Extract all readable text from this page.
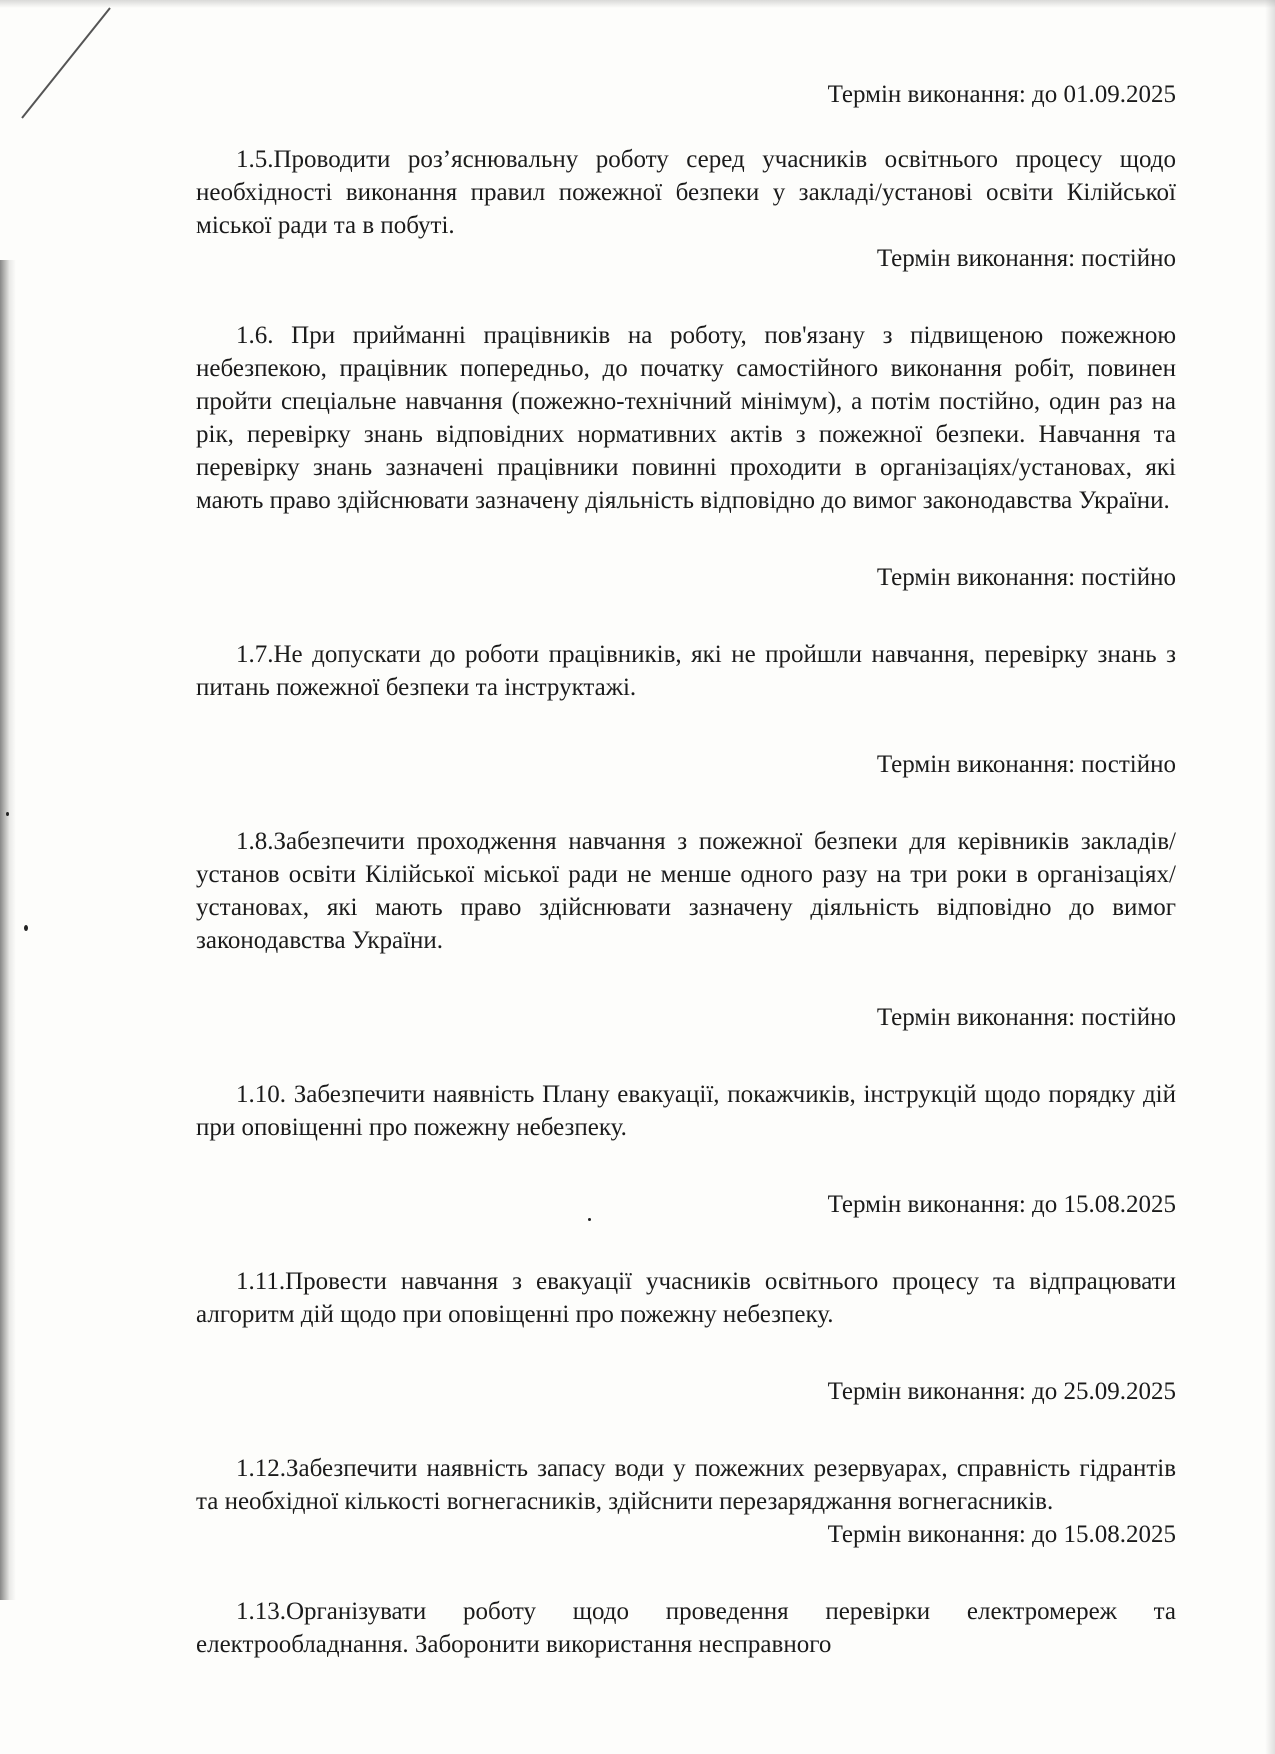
Термін виконання: до 01.09.2025

1.5.Проводити роз’яснювальну роботу серед учасників освітнього процесу щодо необхідності виконання правил пожежної безпеки у закладі/установі освіти Кілійської міської ради та в побуті.

Термін виконання: постійно

1.6. При прийманні працівників на роботу, пов'язану з підвищеною пожежною небезпекою, працівник попередньо, до початку самостійного виконання робіт, повинен пройти спеціальне навчання (пожежно-технічний мінімум), а потім постійно, один раз на рік, перевірку знань відповідних нормативних актів з пожежної безпеки. Навчання та перевірку знань зазначені працівники повинні проходити в організаціях/установах, які мають право здійснювати зазначену діяльність відповідно до вимог законодавства України.

Термін виконання: постійно

1.7.Не допускати до роботи працівників, які не пройшли навчання, перевірку знань з питань пожежної безпеки та інструктажі.

Термін виконання: постійно

1.8.Забезпечити проходження навчання з пожежної безпеки для керівників закладів/установ освіти Кілійської міської ради не менше одного разу на три роки в організаціях/установах, які мають право здійснювати зазначену діяльність відповідно до вимог законодавства України.

Термін виконання: постійно

1.10. Забезпечити наявність Плану евакуації, покажчиків, інструкцій щодо порядку дій при оповіщенні про пожежну небезпеку.

Термін виконання: до 15.08.2025

1.11.Провести навчання з евакуації учасників освітнього процесу та відпрацювати алгоритм дій щодо при оповіщенні про пожежну небезпеку.

Термін виконання: до 25.09.2025

1.12.Забезпечити наявність запасу води у пожежних резервуарах, справність гідрантів та необхідної кількості вогнегасників, здійснити перезаряджання вогнегасників.

Термін виконання: до 15.08.2025

1.13.Організувати роботу щодо проведення перевірки електромереж та електрообладнання. Заборонити використання несправного
